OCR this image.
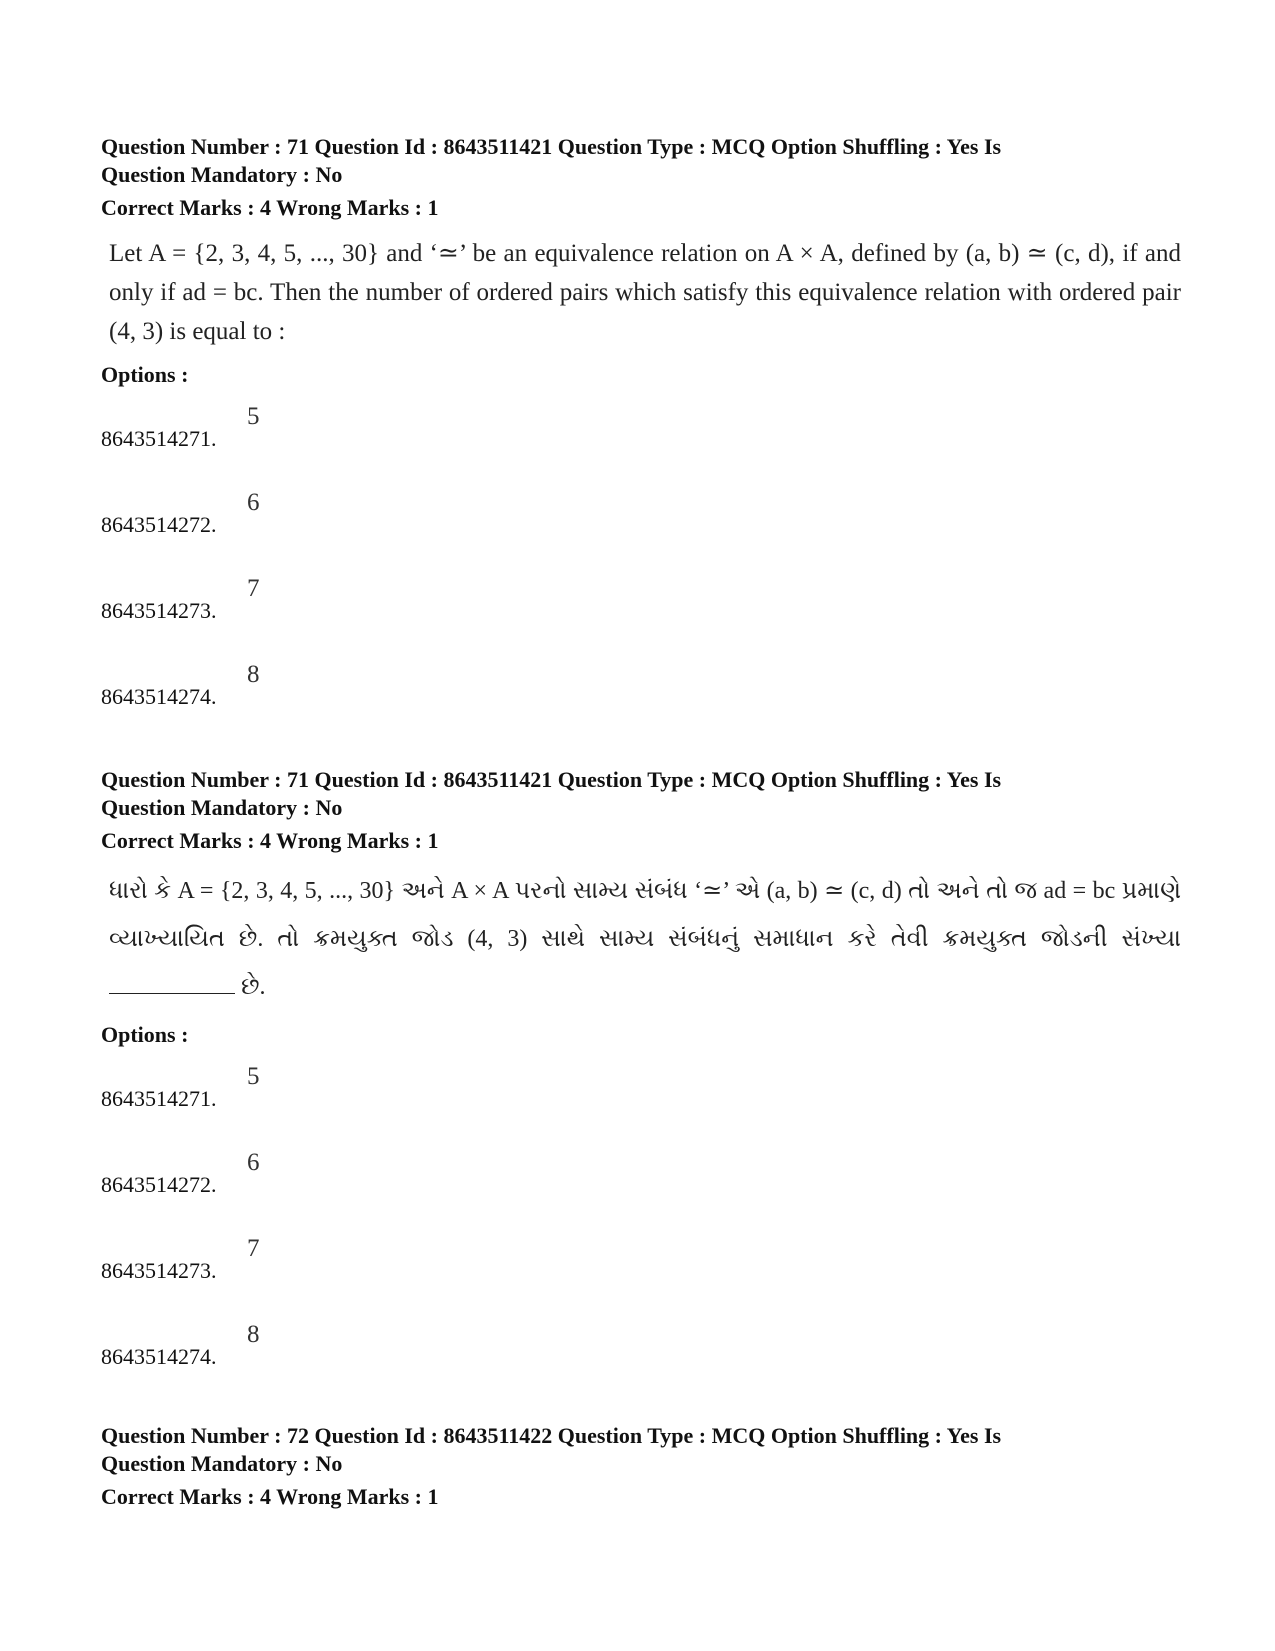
Question Number : 71 Question Id : 8643511421 Question Type : MCQ Option Shuffling : Yes Is

Question Mandatory : No

Correct Marks : 4 Wrong Marks : 1
Let A = {2, 3, 4, 5, ..., 30} and ‘≃’ be an equivalence relation on A × A, defined by (a, b) ≃ (c, d), if and only if ad = bc. Then the number of ordered pairs which satisfy this equivalence relation with ordered pair (4, 3) is equal to :
Options :
8643514271.
5
8643514272.
6
8643514273.
7
8643514274.
8

Question Number : 71 Question Id : 8643511421 Question Type : MCQ Option Shuffling : Yes Is

Question Mandatory : No

Correct Marks : 4 Wrong Marks : 1
ધારો કે A = {2, 3, 4, 5, ..., 30} અને A × A પરનો સામ્ય સંબંધ ‘≃’ એ (a, b) ≃ (c, d) તો અને તો જ ad = bc પ્રમાણે વ્યાખ્યાયિત છે. તો ક્રમયુક્ત જોડ (4, 3) સાથે સામ્ય સંબંધનું સમાધાન કરે તેવી ક્રમયુક્ત જોડની સંખ્યા  છે.
Options :
8643514271.
5
8643514272.
6
8643514273.
7
8643514274.
8

Question Number : 72 Question Id : 8643511422 Question Type : MCQ Option Shuffling : Yes Is

Question Mandatory : No

Correct Marks : 4 Wrong Marks : 1
